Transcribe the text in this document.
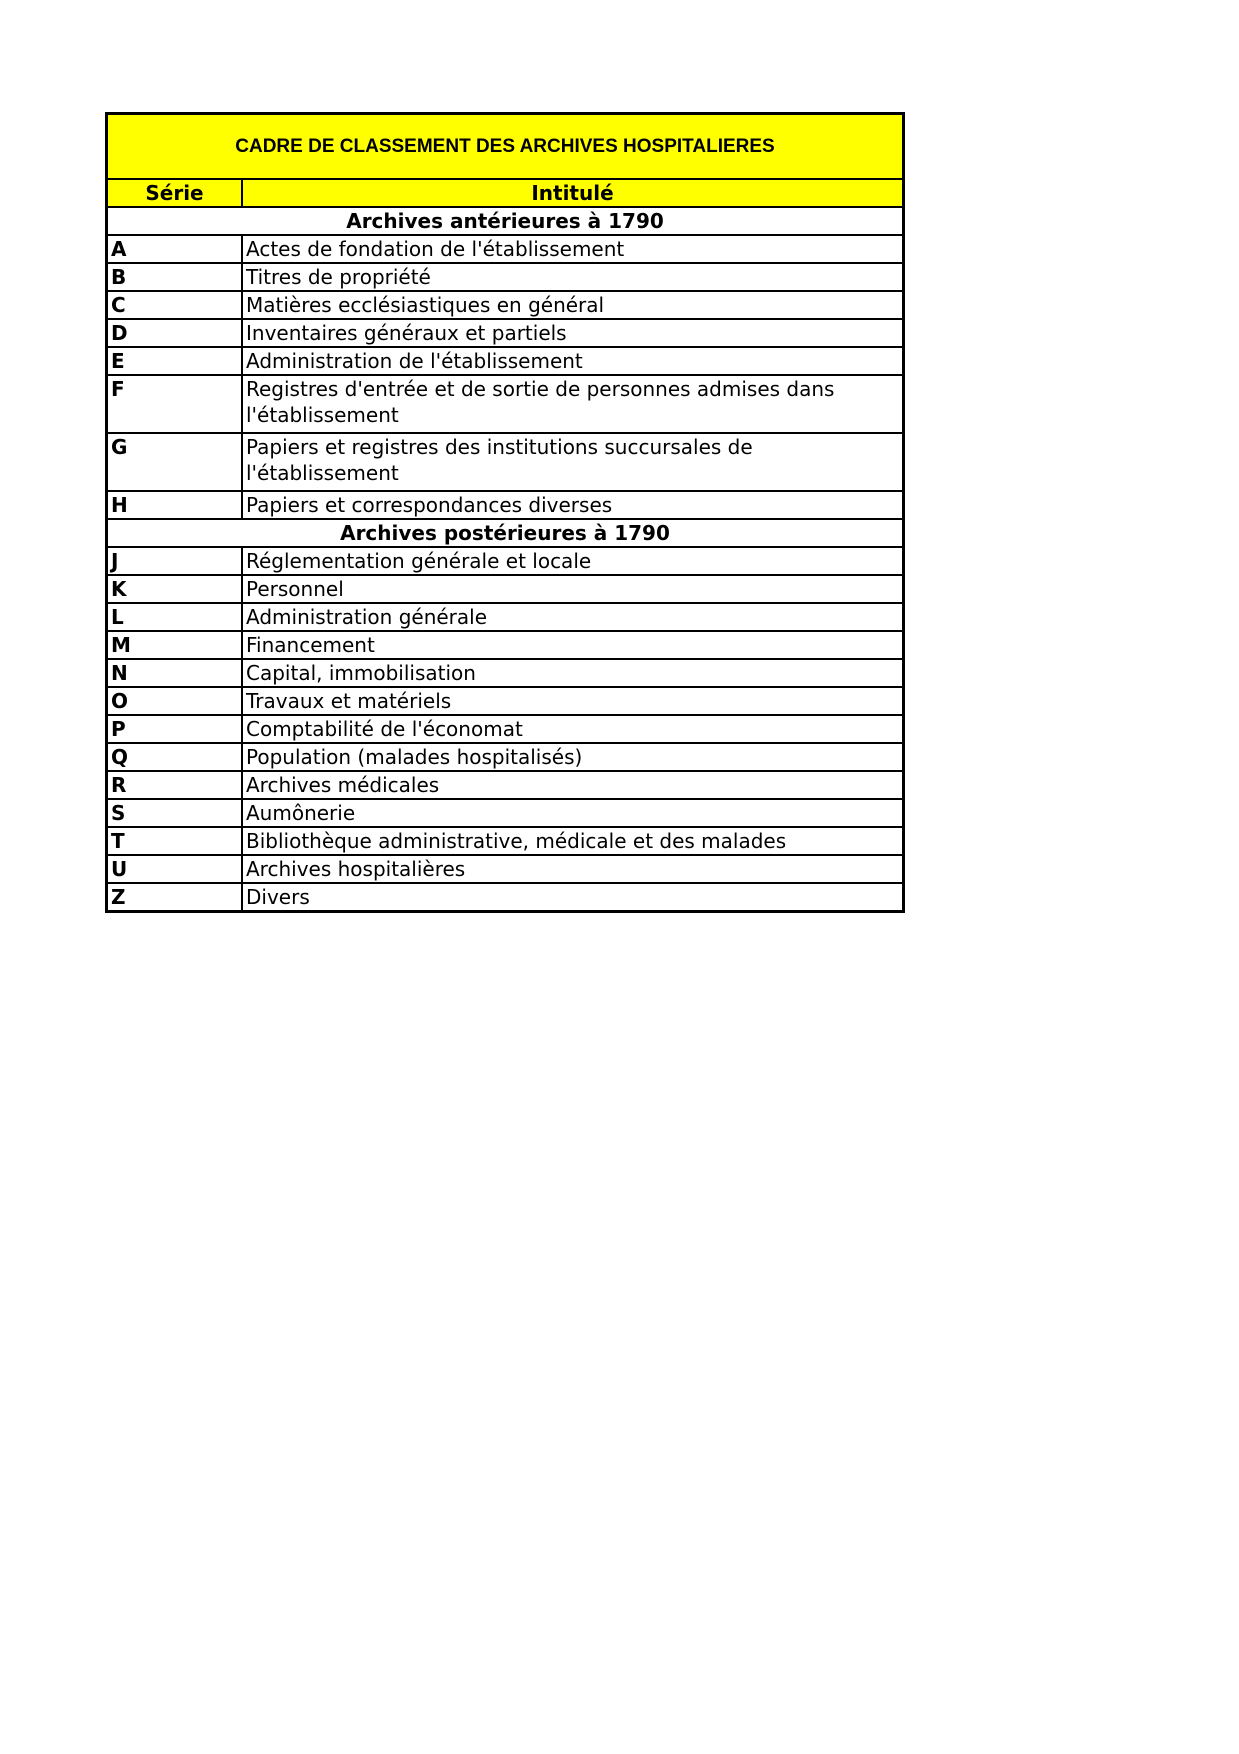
CADRE DE CLASSEMENT DES ARCHIVES HOSPITALIERES
Série	Intitulé
Archives antérieures à 1790	
A	Actes de fondation de l'établissement
B	Titres de propriété
C	Matières ecclésiastiques en général
D	Inventaires généraux et partiels
E	Administration de l'établissement
F	Registres d'entrée et de sortie de personnes admises dans l'établissement
G	Papiers et registres des institutions succursales de l'établissement
H	Papiers et correspondances diverses
Archives postérieures à 1790	
J	Réglementation générale et locale
K	Personnel
L	Administration générale
M	Financement
N	Capital, immobilisation
O	Travaux et matériels
P	Comptabilité de l'économat
Q	Population (malades hospitalisés)
R	Archives médicales
S	Aumônerie
T	Bibliothèque administrative, médicale et des malades
U	Archives hospitalières
Z	Divers
